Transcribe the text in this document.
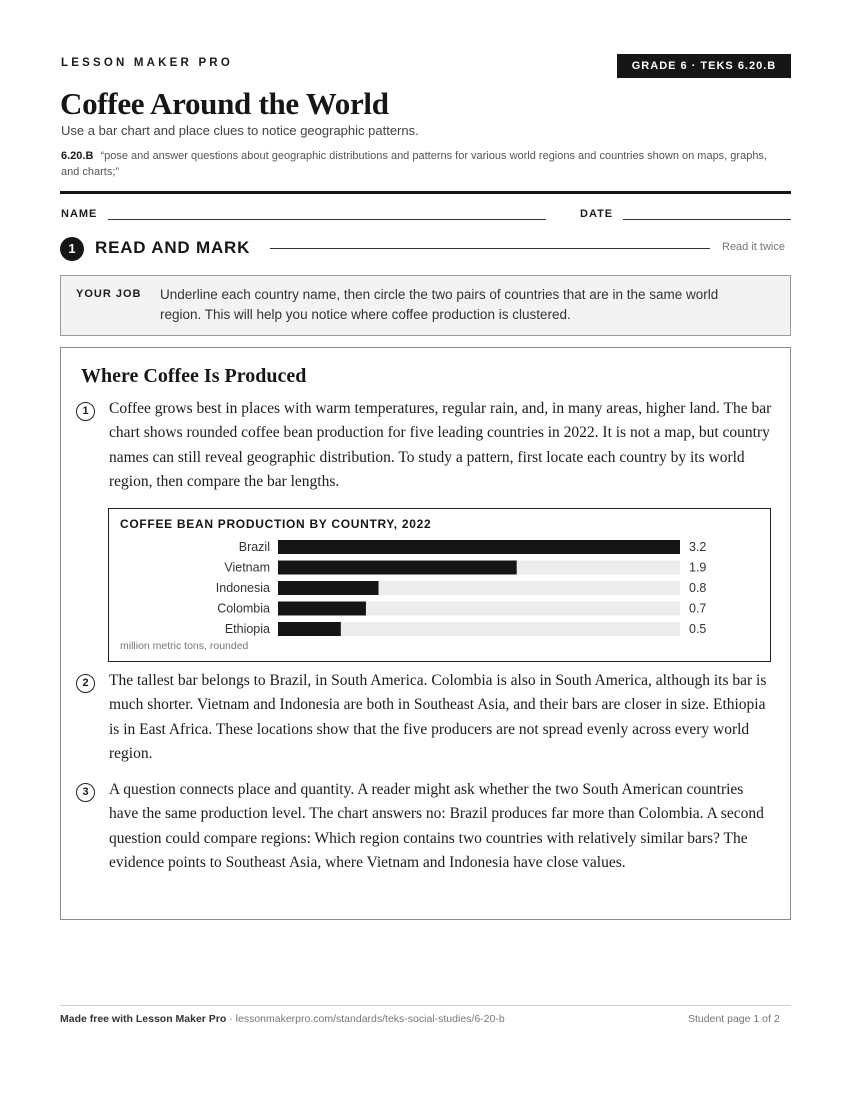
LESSON MAKER PRO	GRADE 6 · TEKS 6.20.B
Coffee Around the World
Use a bar chart and place clues to notice geographic patterns.
6.20.B “pose and answer questions about geographic distributions and patterns for various world regions and countries shown on maps, graphs, and charts;”
NAME	DATE
1	READ AND MARK	Read it twice
YOUR JOB Underline each country name, then circle the two pairs of countries that are in the same world region. This will help you notice where coffee production is clustered.
Where Coffee Is Produced
1	Coffee grows best in places with warm temperatures, regular rain, and, in many areas, higher land. The bar chart shows rounded coffee bean production for five leading countries in 2022. It is not a map, but country names can still reveal geographic distribution. To study a pattern, first locate each country by its world region, then compare the bar lengths.

COFFEE BEAN PRODUCTION BY COUNTRY, 2022
Brazil	3.2
Vietnam	1.9
Indonesia	0.8
Colombia	0.7
Ethiopia	0.5
million metric tons, rounded
2	The tallest bar belongs to Brazil, in South America. Colombia is also in South America, although its bar is much shorter. Vietnam and Indonesia are both in Southeast Asia, and their bars are closer in size. Ethiopia is in East Africa. These locations show that the five producers are not spread evenly across every world region.

3	A question connects place and quantity. A reader might ask whether the two South American countries have the same production level. The chart answers no: Brazil produces far more than Colombia. A second question could compare regions: Which region contains two countries with relatively similar bars? The evidence points to Southeast Asia, where Vietnam and Indonesia have close values.

Made free with Lesson Maker Pro · lessonmakerpro.com/standards/teks-social-studies/6-20-b	Student page 1 of 2
